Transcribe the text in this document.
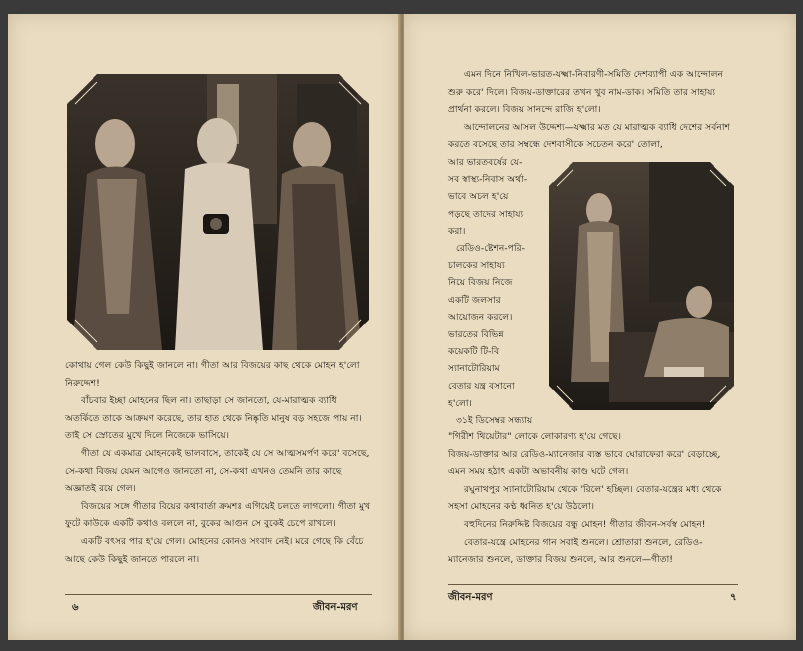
কোথায় গেল কেউ কিছুই জানলে না। গীতা আর বিজয়ের কাছ থেকে মোহন হ'লো নিরুদ্দেশ!

বাঁচবার ইচ্ছা মোহনের ছিল না। তাছাড়া সে জানতো, যে-মারাত্মক ব্যাধি অতর্কিতে তাকে আক্রমণ করেছে, তার হাত থেকে নিষ্কৃতি মানুষ বড় সহজে পায় না। তাই সে স্রোতের মুখে দিলে নিজেকে ভাসিয়ে।

গীতা যে একমাত্র মোহনকেই ভালবাসে, তাকেই যে সে আত্মসমর্পণ করে' বসেছে, সে-কথা বিজয় যেমন আগেও জানতো না, সে-কথা এখনও তেমনি তার কাছে অজ্ঞাতই রয়ে গেল।

বিজয়ের সঙ্গে গীতার বিয়ের কথাবার্তা ক্রমশঃ এগিয়েই চলতে লাগলো। গীতা মুখ ফুটে কাউকে একটি কথাও বললে না, বুকের আগুন সে বুকেই চেপে রাখলে।

একটি বৎসর পার হ'য়ে গেল। মোহনের কোনও সংবাদ নেই। মরে গেছে কি বেঁচে আছে কেউ কিছুই জানতে পারলে না।

৬	জীবন-মরণ

এমন দিনে নিখিল-ভারত-যক্ষ্মা-নিবারণী-সমিতি দেশব্যাপী এক আন্দোলন শুরু করে' দিলে। বিজয়-ডাক্তারের তখন খুব নাম-ডাক। সমিতি তার সাহায্য প্রার্থনা করলে। বিজয় সানন্দে রাজি হ'লো।

আন্দোলনের আসল উদ্দেশ্য—যক্ষ্মার মত যে মারাত্মক ব্যাধি দেশের সর্বনাশ করতে বসেছে তার সম্বন্ধে দেশবাসীকে সচেতন করে' তোলা,

আর ভারতবর্ষের যে-
সব স্বাস্থ্য-নিবাস অর্থা-
ভাবে অচল হ'য়ে
পড়ছে তাদের সাহায্য
করা।
রেডিও-ষ্টেশন-পরি-
চালকের সাহায্য
নিয়ে বিজয় নিজে
একটি জলসার
আয়োজন করলে।
ভারতের বিভিন্ন
কয়েকটি টি-বি
স্যানাটোরিয়াম
বেতার যন্ত্র বসানো
হ'লো।
৩১ই ডিসেম্বর সন্ধ্যায়

"গিরীশ থিয়েটার" লোকে লোকারণ্য হ'য়ে গেছে।

বিজয়-ডাক্তার আর রেডিও-ম্যানেজার ব্যস্ত ভাবে ঘোরাফেরা করে' বেড়াচ্ছে, এমন সময় হঠাৎ একটা অভাবনীয় কাণ্ড ঘটে গেল।

রঘুনাথপুর স্যানাটোরিয়াম থেকে 'রিলে' হচ্ছিল। বেতার-যন্ত্রের মধ্য থেকে সহসা মোহনের কণ্ঠ ধ্বনিত হ'য়ে উঠলো।

বহুদিনের নিরুদ্দিষ্ট বিজয়ের বন্ধু মোহন! গীতার জীবন-সর্বস্ব মোহন!

বেতার-যন্ত্রে মোহনের গান সবাই শুনলে। শ্রোতারা শুনলে, রেডিও-ম্যানেজার শুনলে, ডাক্তার বিজয় শুনলে, আর শুনলে—গীতা!

জীবন-মরণ	৭
